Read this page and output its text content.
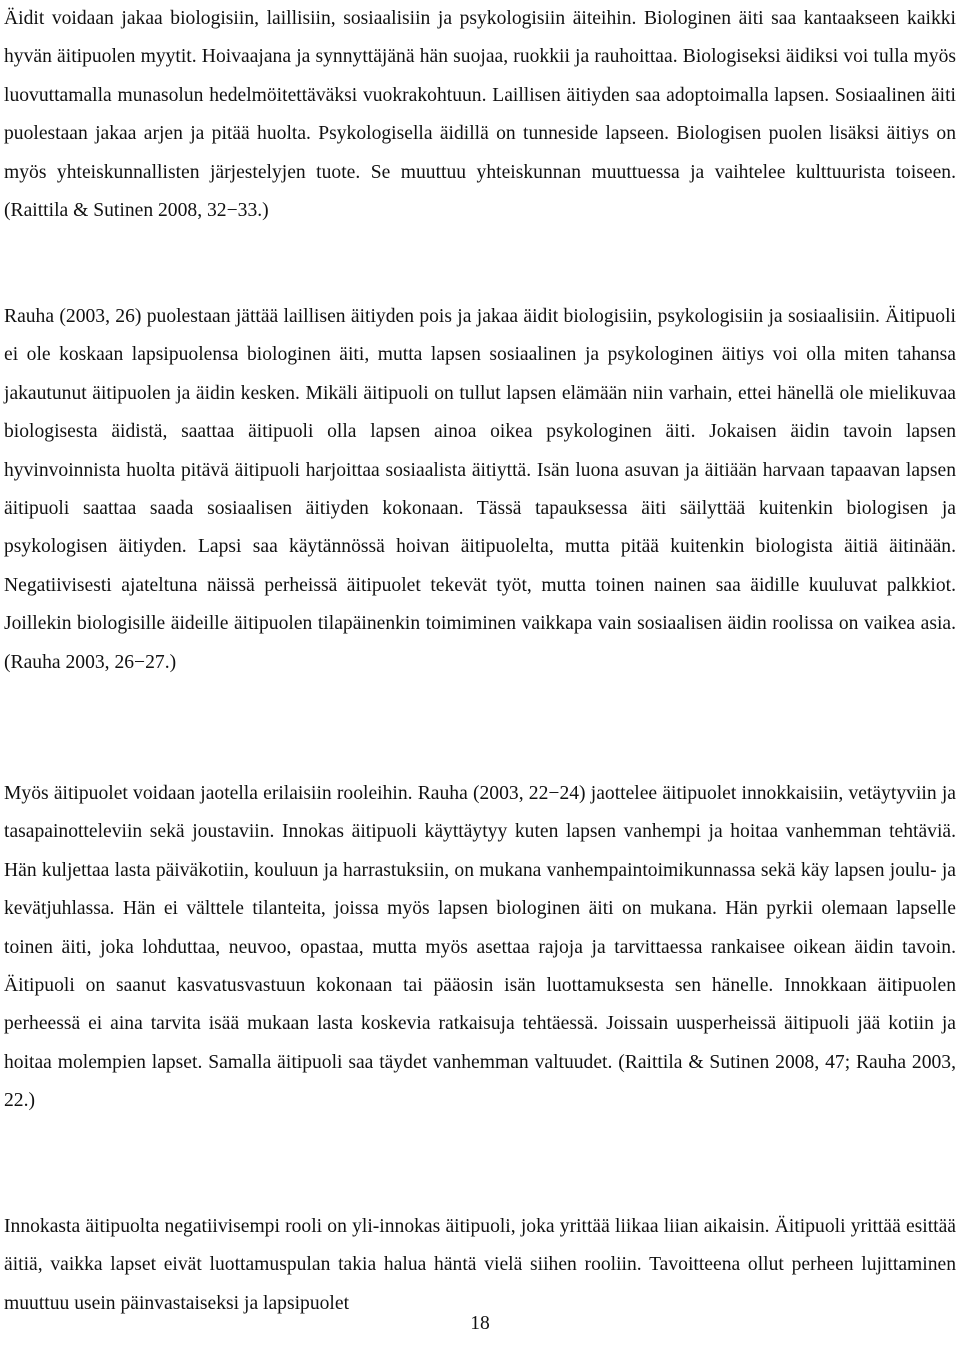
Äidit voidaan jakaa biologisiin, laillisiin, sosiaalisiin ja psykologisiin äiteihin. Biologinen äiti saa kantaakseen kaikki hyvän äitipuolen myytit. Hoivaajana ja synnyttäjänä hän suojaa, ruokkii ja rauhoittaa. Biologiseksi äidiksi voi tulla myös luovuttamalla munasolun hedelmöitettäväksi vuokrakohtuun. Laillisen äitiyden saa adoptoimalla lapsen. Sosiaalinen äiti puolestaan jakaa arjen ja pitää huolta. Psykologisella äidillä on tunneside lapseen. Biologisen puolen lisäksi äitiys on myös yhteiskunnallisten järjestelyjen tuote. Se muuttuu yhteiskunnan muuttuessa ja vaihtelee kulttuurista toiseen. (Raittila & Sutinen 2008, 32−33.)

Rauha (2003, 26) puolestaan jättää laillisen äitiyden pois ja jakaa äidit biologisiin, psykologisiin ja sosiaalisiin. Äitipuoli ei ole koskaan lapsipuolensa biologinen äiti, mutta lapsen sosiaalinen ja psykologinen äitiys voi olla miten tahansa jakautunut äitipuolen ja äidin kesken. Mikäli äitipuoli on tullut lapsen elämään niin varhain, ettei hänellä ole mielikuvaa biologisesta äidistä, saattaa äitipuoli olla lapsen ainoa oikea psykologinen äiti. Jokaisen äidin tavoin lapsen hyvinvoinnista huolta pitävä äitipuoli harjoittaa sosiaalista äitiyttä. Isän luona asuvan ja äitiään harvaan tapaavan lapsen äitipuoli saattaa saada sosiaalisen äitiyden kokonaan. Tässä tapauksessa äiti säilyttää kuitenkin biologisen ja psykologisen äitiyden. Lapsi saa käytännössä hoivan äitipuolelta, mutta pitää kuitenkin biologista äitiä äitinään. Negatiivisesti ajateltuna näissä perheissä äitipuolet tekevät työt, mutta toinen nainen saa äidille kuuluvat palkkiot. Joillekin biologisille äideille äitipuolen tilapäinenkin toimiminen vaikkapa vain sosiaalisen äidin roolissa on vaikea asia. (Rauha 2003, 26−27.)

Myös äitipuolet voidaan jaotella erilaisiin rooleihin. Rauha (2003, 22−24) jaottelee äitipuolet innokkaisiin, vetäytyviin ja tasapainotteleviin sekä joustaviin. Innokas äitipuoli käyttäytyy kuten lapsen vanhempi ja hoitaa vanhemman tehtäviä. Hän kuljettaa lasta päiväkotiin, kouluun ja harrastuksiin, on mukana vanhempaintoimikunnassa sekä käy lapsen joulu- ja kevätjuhlassa. Hän ei välttele tilanteita, joissa myös lapsen biologinen äiti on mukana. Hän pyrkii olemaan lapselle toinen äiti, joka lohduttaa, neuvoo, opastaa, mutta myös asettaa rajoja ja tarvittaessa rankaisee oikean äidin tavoin. Äitipuoli on saanut kasvatusvastuun kokonaan tai pääosin isän luottamuksesta sen hänelle. Innokkaan äitipuolen perheessä ei aina tarvita isää mukaan lasta koskevia ratkaisuja tehtäessä. Joissain uusperheissä äitipuoli jää kotiin ja hoitaa molempien lapset. Samalla äitipuoli saa täydet vanhemman valtuudet. (Raittila & Sutinen 2008, 47; Rauha 2003, 22.)

Innokasta äitipuolta negatiivisempi rooli on yli-innokas äitipuoli, joka yrittää liikaa liian aikaisin. Äitipuoli yrittää esittää äitiä, vaikka lapset eivät luottamuspulan takia halua häntä vielä siihen rooliin. Tavoitteena ollut perheen lujittaminen muuttuu usein päinvastaiseksi ja lapsipuolet

18
